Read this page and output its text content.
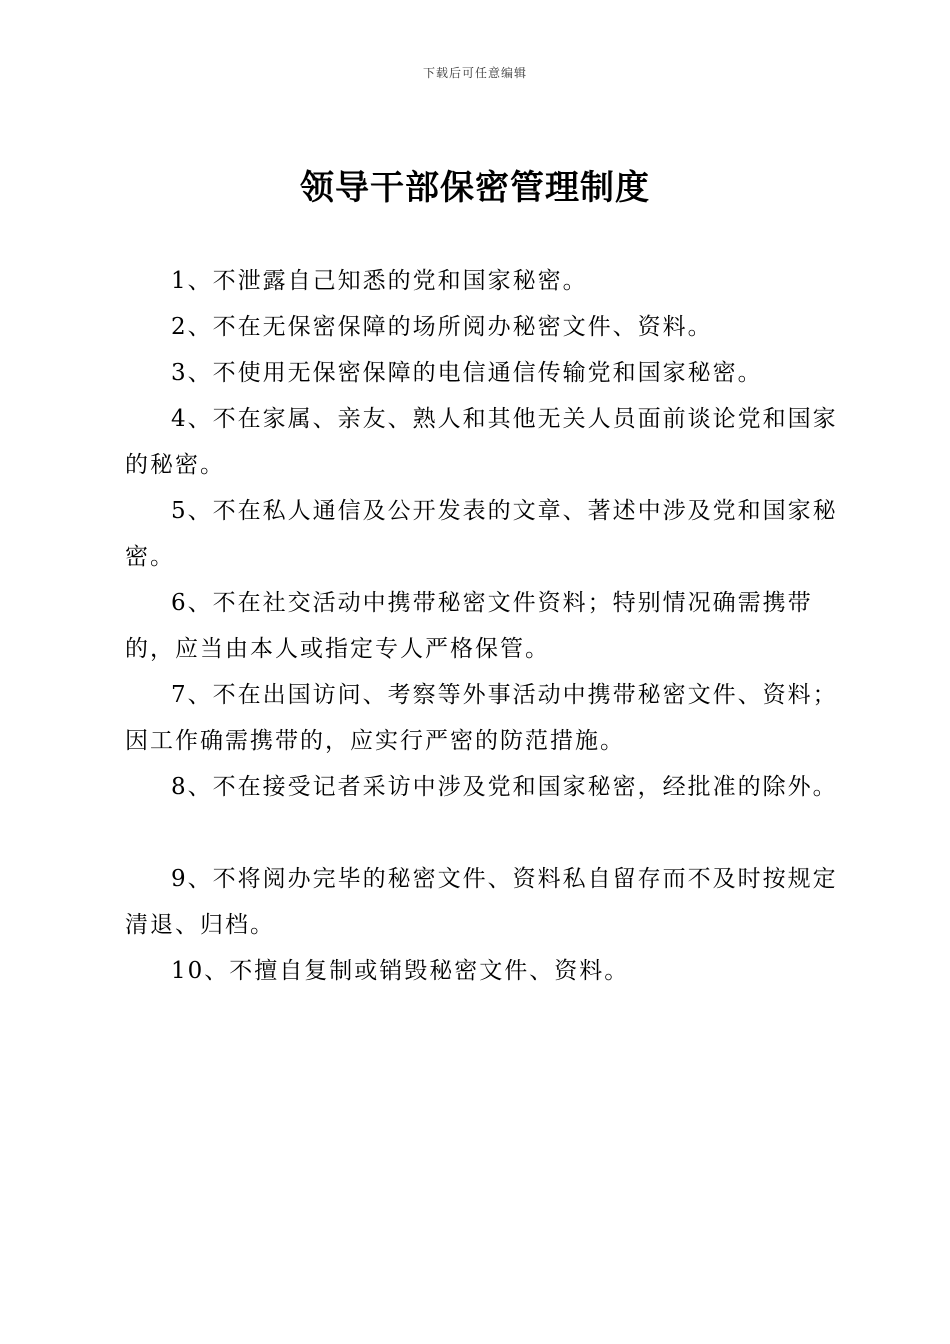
下载后可任意编辑
领导干部保密管理制度

1、不泄露自己知悉的党和国家秘密。

2、不在无保密保障的场所阅办秘密文件、资料。

3、不使用无保密保障的电信通信传输党和国家秘密。

4、不在家属、亲友、熟人和其他无关人员面前谈论党和国家的秘密。

5、不在私人通信及公开发表的文章、著述中涉及党和国家秘密。

6、不在社交活动中携带秘密文件资料；特别情况确需携带的，应当由本人或指定专人严格保管。

7、不在出国访问、考察等外事活动中携带秘密文件、资料；因工作确需携带的，应实行严密的防范措施。

8、不在接受记者采访中涉及党和国家秘密，经批准的除外。

9、不将阅办完毕的秘密文件、资料私自留存而不及时按规定清退、归档。

10、不擅自复制或销毁秘密文件、资料。
